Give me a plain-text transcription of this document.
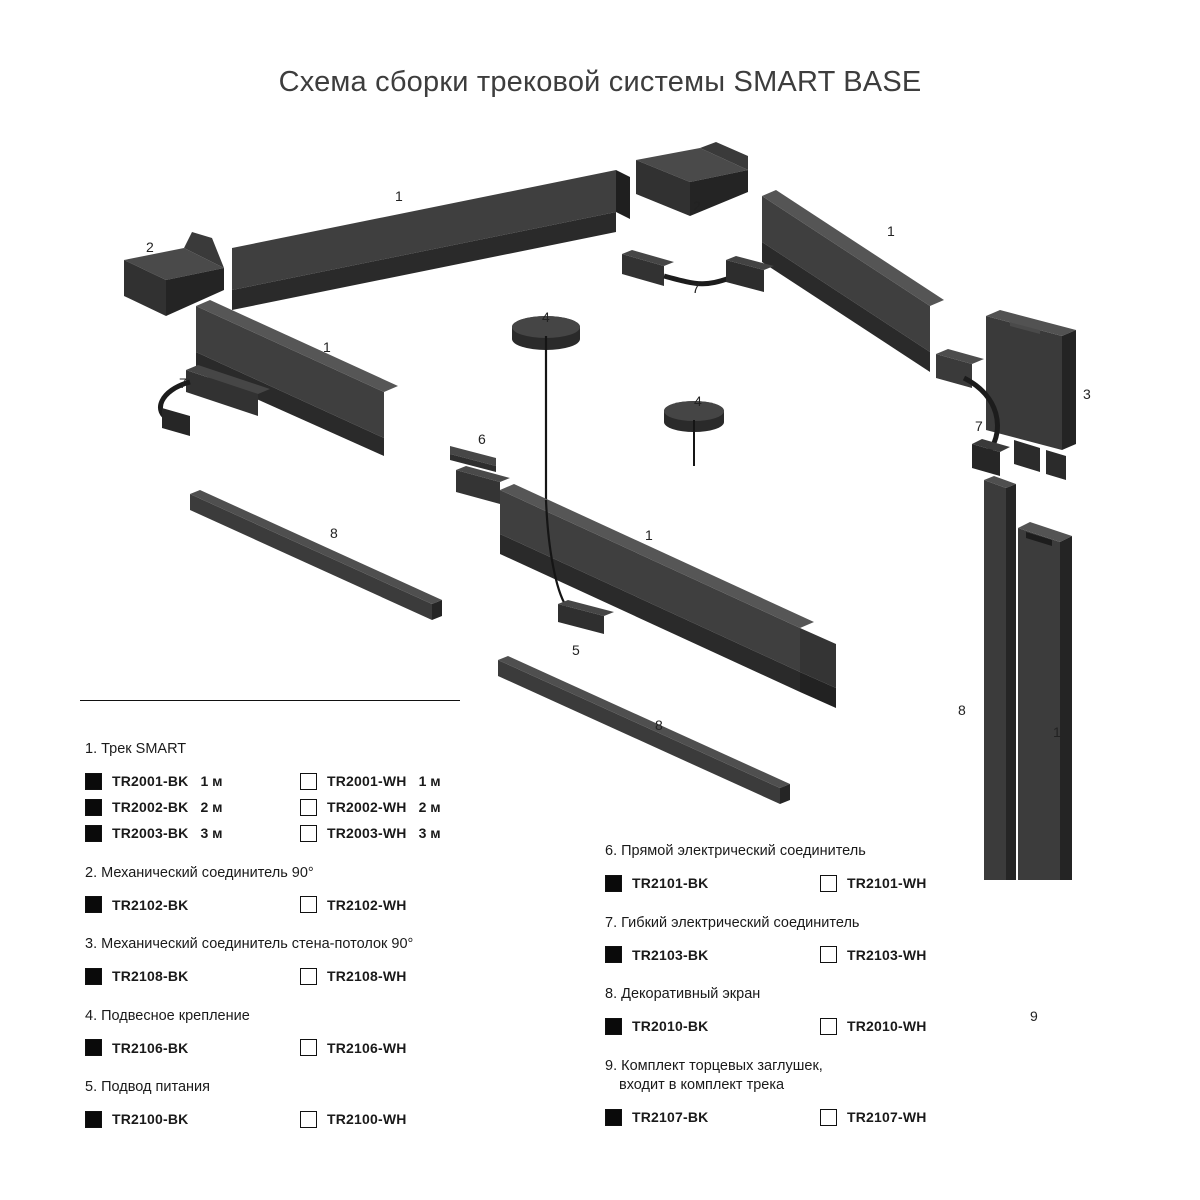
Схема сборки трековой системы SMART BASE
1
2
2
1
7
1
4
7
4	3
7
6
1
8
5
8
8
1
9
1. Трек SMART
TR2001-BK 1 м	TR2001-WH 1 м
TR2002-BK 2 м	TR2002-WH 2 м
TR2003-BK 3 м	TR2003-WH 3 м
2. Механический соединитель 90°
TR2102-BK	TR2102-WH
3. Механический соединитель стена-потолок 90°
TR2108-BK	TR2108-WH
4. Подвесное крепление
TR2106-BK	TR2106-WH
5. Подвод питания
TR2100-BK	TR2100-WH
6. Прямой электрический соединитель
TR2101-BK	TR2101-WH
7. Гибкий электрический соединитель
TR2103-BK	TR2103-WH
8. Декоративный экран
TR2010-BK	TR2010-WH
9. Комплект торцевых заглушек,
входит в комплект трека
TR2107-BK	TR2107-WH
